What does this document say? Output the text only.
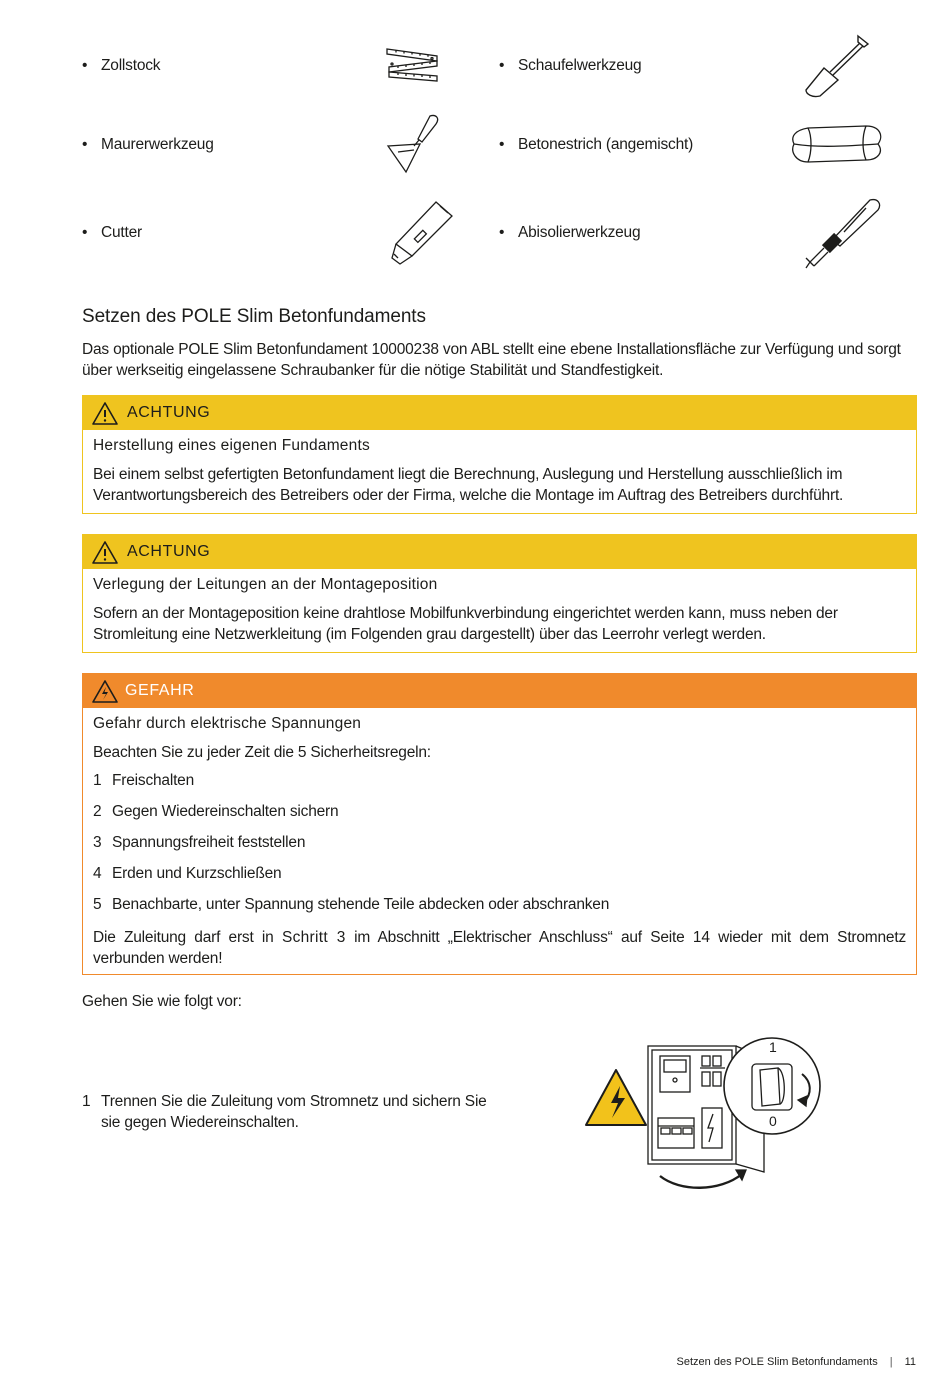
• Zollstock	• Schaufelwerkzeug
• Maurerwerkzeug	• Betonestrich (angemischt)
• Cutter	• Abisolierwerkzeug
Setzen des POLE Slim Betonfundaments
Das optionale POLE Slim Betonfundament 10000238 von ABL stellt eine ebene Installationsfläche zur Verfügung und sorgt über werkseitig eingelassene Schraubanker für die nötige Stabilität und Standfestigkeit.
ACHTUNG
Herstellung eines eigenen Fundaments
Bei einem selbst gefertigten Betonfundament liegt die Berechnung, Auslegung und Herstellung ausschließlich im Verantwortungsbereich des Betreibers oder der Firma, welche die Montage im Auftrag des Betreibers durchführt.
ACHTUNG
Verlegung der Leitungen an der Montageposition
Sofern an der Montageposition keine drahtlose Mobilfunkverbindung eingerichtet werden kann, muss neben der Stromleitung eine Netzwerkleitung (im Folgenden grau dargestellt) über das Leerrohr verlegt werden.
GEFAHR
Gefahr durch elektrische Spannungen
Beachten Sie zu jeder Zeit die 5 Sicherheitsregeln:
1 Freischalten
2 Gegen Wiedereinschalten sichern
3 Spannungsfreiheit feststellen
4 Erden und Kurzschließen
5 Benachbarte, unter Spannung stehende Teile abdecken oder abschranken
Die Zuleitung darf erst in Schritt 3 im Abschnitt „Elektrischer Anschluss“ auf Seite 14 wieder mit dem Stromnetz verbunden werden!
Gehen Sie wie folgt vor:
1 Trennen Sie die Zuleitung vom Stromnetz und sichern Sie sie gegen Wiedereinschalten.
1
0
Setzen des POLE Slim Betonfundaments | 11
